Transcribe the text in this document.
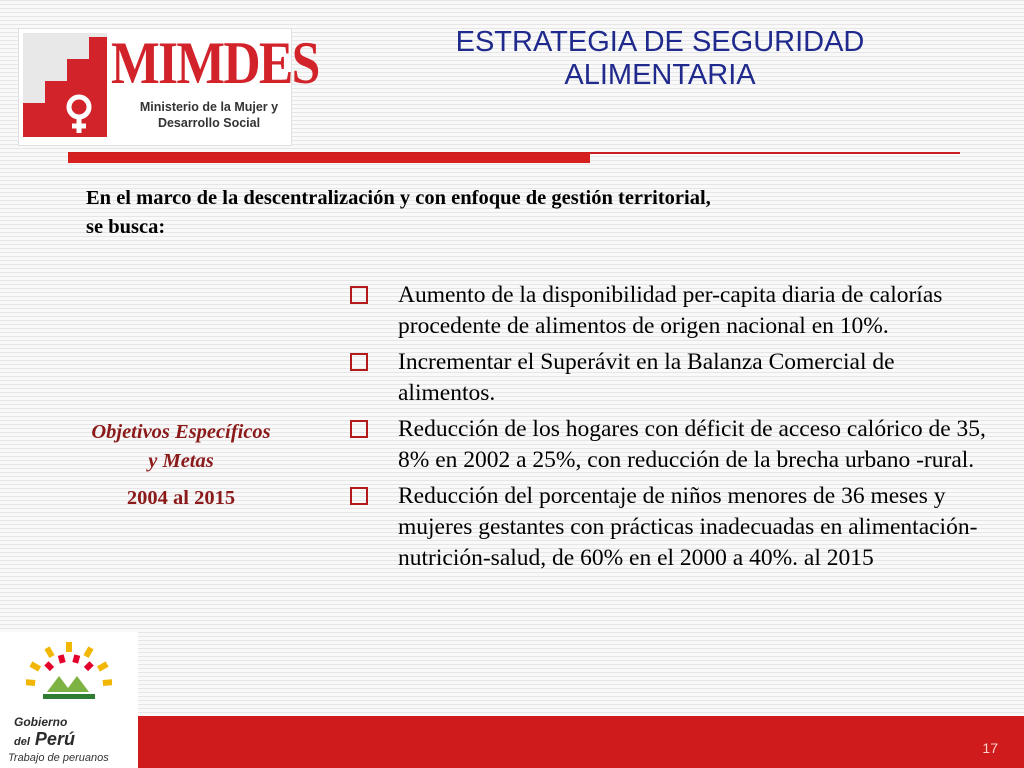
MIMDES
Ministerio de la Mujer y
Desarrollo Social
ESTRATEGIA DE SEGURIDAD
ALIMENTARIA
En el marco de la descentralización y con enfoque de gestión territorial,
se busca:
Objetivos Específicos
y Metas
2004 al 2015
Aumento de la disponibilidad per-capita diaria de calorías procedente de alimentos de origen nacional en 10%.
Incrementar el Superávit en la Balanza Comercial de alimentos.
Reducción de los hogares con déficit de acceso calórico de 35, 8% en 2002 a 25%, con reducción de la brecha urbano -rural.
Reducción del porcentaje de niños menores de 36 meses y mujeres gestantes con prácticas inadecuadas en alimentación-nutrición-salud, de 60% en el 2000 a 40%. al 2015
17
Gobierno
del Perú
Trabajo de peruanos
